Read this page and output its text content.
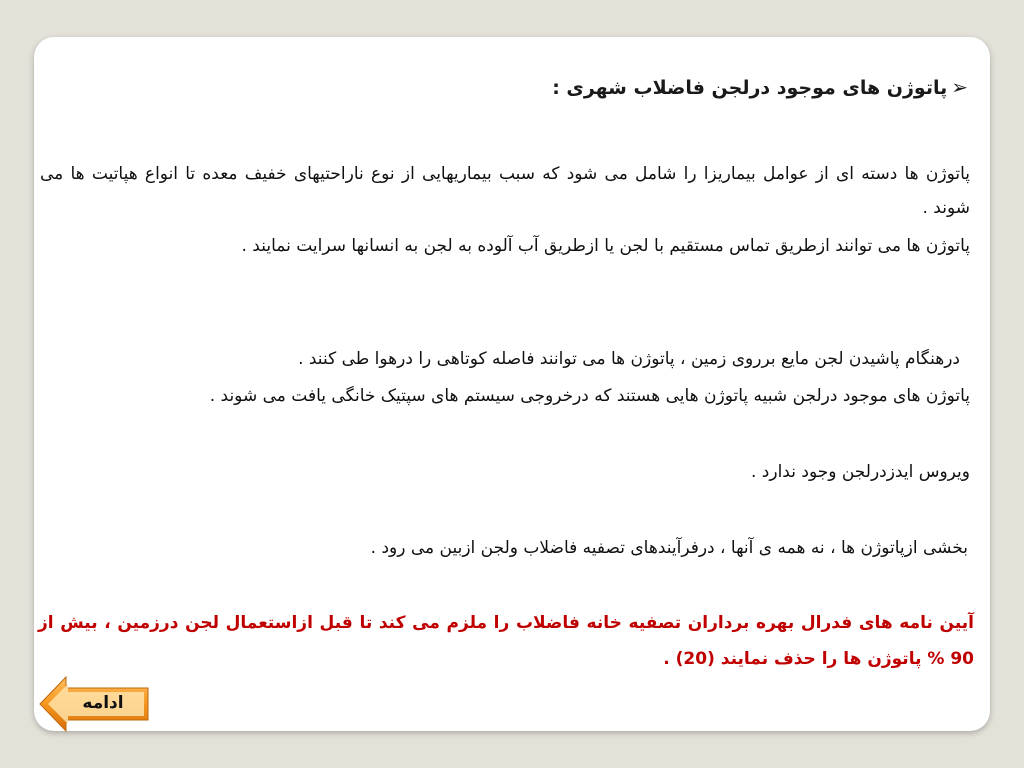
➢پاتوژن های موجود درلجن فاضلاب شهری :

پاتوژن ها دسته ای از عوامل بیماریزا را شامل می شود که سبب بیماریهایی از نوع ناراحتیهای خفیف معده تا انواع هپاتیت ها می شوند .

پاتوژن ها می توانند ازطریق تماس مستقیم با لجن یا ازطریق آب آلوده به لجن به انسانها سرایت نمایند .

درهنگام پاشیدن لجن مایع برروی زمین ، پاتوژن ها می توانند فاصله کوتاهی را درهوا طی کنند .

پاتوژن های موجود درلجن شبیه پاتوژن هایی هستند که درخروجی سیستم های سپتیک خانگی یافت می شوند .

ویروس ایدزدرلجن وجود ندارد .

بخشی ازپاتوژن ها ، نه همه ی آنها ، درفرآیندهای تصفیه فاضلاب ولجن ازبین می رود .

آیین نامه های فدرال بهره برداران تصفیه خانه فاضلاب را ملزم می کند تا قبل ازاستعمال لجن درزمین ، بیش از 90 % پاتوژن ها را حذف نمایند (20) .

ادامه
